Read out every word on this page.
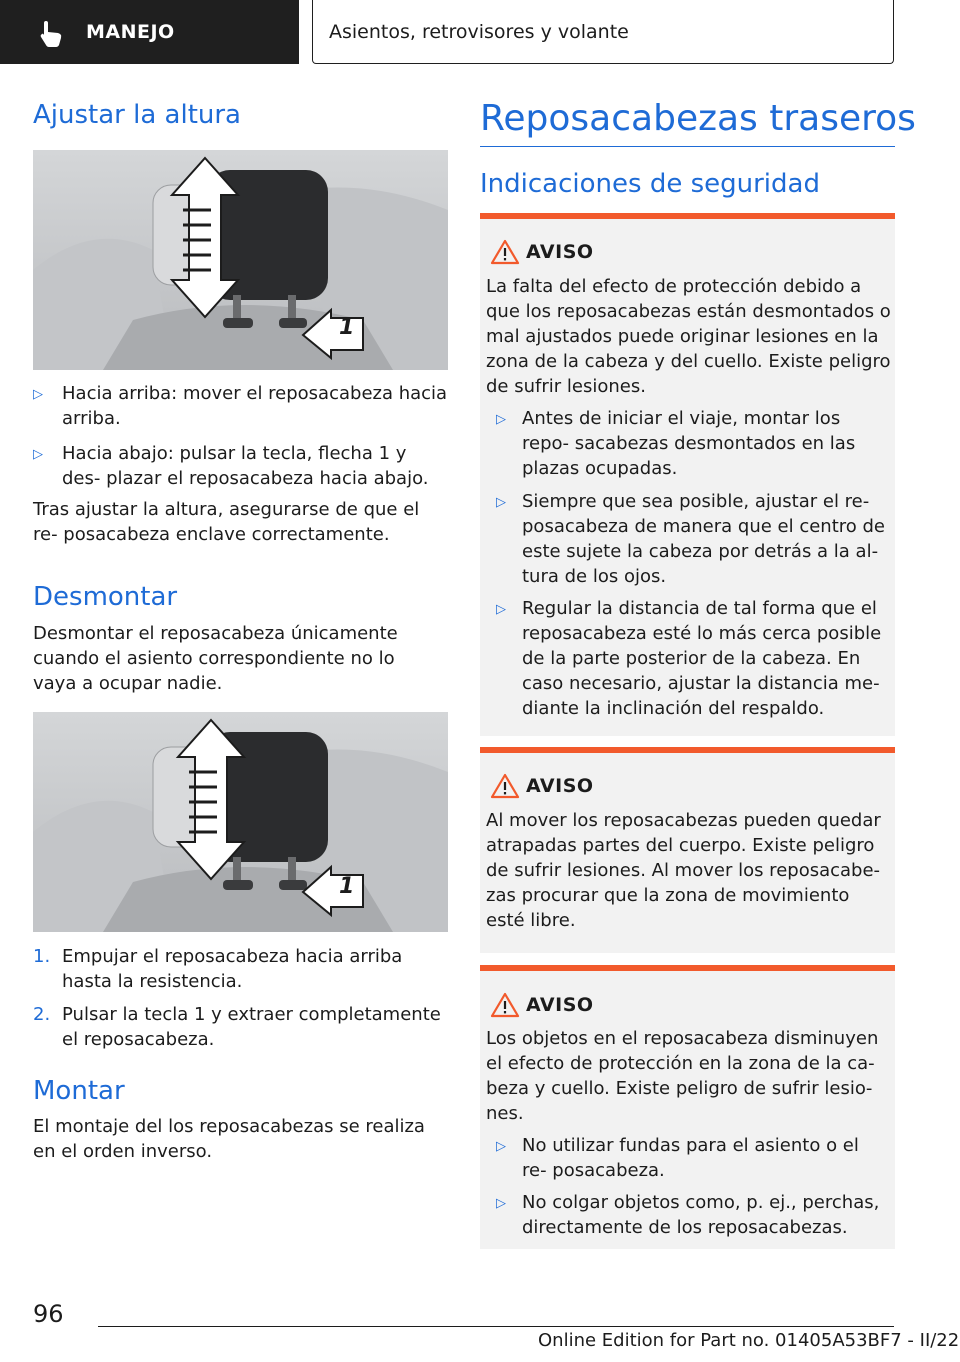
MANEJO	Asientos, retrovisores y volante
Ajustar la altura
1
▷	Hacia arriba: mover el reposacabeza hacia arriba.
▷	Hacia abajo: pulsar la tecla, flecha 1 y des‐ plazar el reposacabeza hacia abajo.

Tras ajustar la altura, asegurarse de que el re‐ posacabeza enclave correctamente.

Desmontar

Desmontar el reposacabeza únicamente cuando el asiento correspondiente no lo vaya a ocupar nadie.

1
1. Empujar el reposacabeza hacia arriba hasta la resistencia.
2. Pulsar la tecla 1 y extraer completamente el reposacabeza.
Montar

El montaje del los reposacabezas se realiza en el orden inverso.

Reposacabezas traseros
Indicaciones de seguridad
AVISO

La falta del efecto de protección debido a que los reposacabezas están desmontados o mal ajustados puede originar lesiones en la zona de la cabeza y del cuello. Existe peligro de sufrir lesiones.

▷ Antes de iniciar el viaje, montar los repo‐ sacabezas desmontados en las plazas ocupadas.
▷ Siempre que sea posible, ajustar el re‐ posacabeza de manera que el centro de este sujete la cabeza por detrás a la al‐ tura de los ojos.
▷ Regular la distancia de tal forma que el reposacabeza esté lo más cerca posible de la parte posterior de la cabeza. En caso necesario, ajustar la distancia me‐ diante la inclinación del respaldo.
AVISO

Al mover los reposacabezas pueden quedar atrapadas partes del cuerpo. Existe peligro de sufrir lesiones. Al mover los reposacabe‐ zas procurar que la zona de movimiento esté libre.

AVISO

Los objetos en el reposacabeza disminuyen el efecto de protección en la zona de la ca‐ beza y cuello. Existe peligro de sufrir lesio‐ nes.

▷ No utilizar fundas para el asiento o el re‐ posacabeza.
▷ No colgar objetos como, p. ej., perchas, directamente de los reposacabezas.
96
Online Edition for Part no. 01405A53BF7 - II/22
